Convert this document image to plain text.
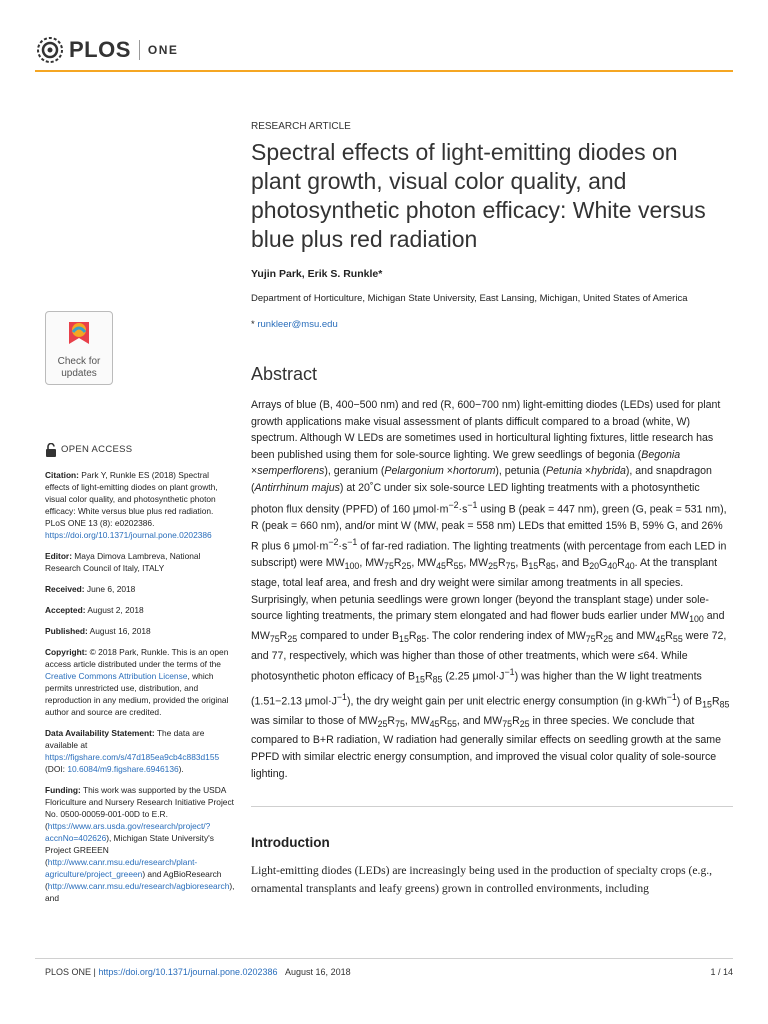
PLOS ONE
RESEARCH ARTICLE
Spectral effects of light-emitting diodes on plant growth, visual color quality, and photosynthetic photon efficacy: White versus blue plus red radiation
Yujin Park, Erik S. Runkle*
Department of Horticulture, Michigan State University, East Lansing, Michigan, United States of America
* runkleer@msu.edu
Check for
updates	Abstract
Arrays of blue (B, 400−500 nm) and red (R, 600−700 nm) light-emitting diodes (LEDs) used for plant growth applications make visual assessment of plants difficult compared to a broad (white, W) spectrum. Although W LEDs are sometimes used in horticultural lighting fixtures, little research has been published using them for sole-source lighting. We grew seedlings of begonia (Begonia ×semperflorens), geranium (Pelargonium ×hortorum), petunia (Petunia ×hybrida), and snapdragon (Antirrhinum majus) at 20˚C under six sole-source LED lighting treatments with a photosynthetic photon flux density (PPFD) of 160 $\mu mol\cdot m^{-2}\cdot s^{-1}$ using B (peak = 447 nm), green (G, peak = 531 nm), R (peak = 660 nm), and/or mint W (MW, peak = 558 nm) LEDs that emitted 15% B, 59% G, and 26% R plus 6 $\mu mol\cdot m^{-2}\cdot s^{-1}$ of far-red radiation. The lighting treatments (with percentage from each LED in subscript) were $MW_{100}$, $MW_{75}R_{25}$, $MW_{45}R_{55}$, $MW_{25}R_{75}$, $B_{15}R_{85}$, and $B_{20}G_{40}R_{40}$. At the transplant stage, total leaf area, and fresh and dry weight were similar among treatments in all species. Surprisingly, when petunia seedlings were grown longer (beyond the transplant stage) under sole-source lighting treatments, the primary stem elongated and had flower buds earlier under $MW_{100}$ and $MW_{75}R_{25}$ compared to under $B_{15}R_{85}$. The color rendering index of $MW_{75}R_{25}$ and $MW_{45}R_{55}$ were 72, and 77, respectively, which was higher than those of other treatments, which were ≤64. While photosynthetic photon efficacy of $B_{15}R_{85}$ (2.25 $\mu mol\cdot J^{-1}$) was higher than the W light treatments (1.51−2.13 $\mu mol\cdot J^{-1}$), the dry weight gain per unit electric energy consumption (in g·kWh$^{-1}$) of $B_{15}R_{85}$ was similar to those of $MW_{25}R_{75}$, $MW_{45}R_{55}$, and $MW_{75}R_{25}$ in three species. We conclude that compared to B+R radiation, W radiation had generally similar effects on seedling growth at the same PPFD with similar electric energy consumption, and improved the visual color quality of sole-source lighting.
Introduction
Light-emitting diodes (LEDs) are increasingly being used in the production of specialty crops (e.g., ornamental transplants and leafy greens) grown in controlled environments, including
OPEN ACCESS

Citation: Park Y, Runkle ES (2018) Spectral effects of light-emitting diodes on plant growth, visual color quality, and photosynthetic photon efficacy: White versus blue plus red radiation. PLoS ONE 13 (8): e0202386. https://doi.org/10.1371/journal.pone.0202386

Editor: Maya Dimova Lambreva, National Research Council of Italy, ITALY

Received: June 6, 2018

Accepted: August 2, 2018

Published: August 16, 2018

Copyright: © 2018 Park, Runkle. This is an open access article distributed under the terms of the Creative Commons Attribution License, which permits unrestricted use, distribution, and reproduction in any medium, provided the original author and source are credited.

Data Availability Statement: The data are available at https://figshare.com/s/47d185ea9cb4c883d155 (DOI: 10.6084/m9.figshare.6946136).

Funding: This work was supported by the USDA Floriculture and Nursery Research Initiative Project No. 0500-00059-001-00D to E.R. (https://www.ars.usda.gov/research/project/?accnNo=402626), Michigan State University's Project GREEEN (http://www.canr.msu.edu/research/plant-agriculture/project_greeen) and AgBioResearch (http://www.canr.msu.edu/research/agbioresearch), and

PLOS ONE | https://doi.org/10.1371/journal.pone.0202386 August 16, 2018	1 / 14
